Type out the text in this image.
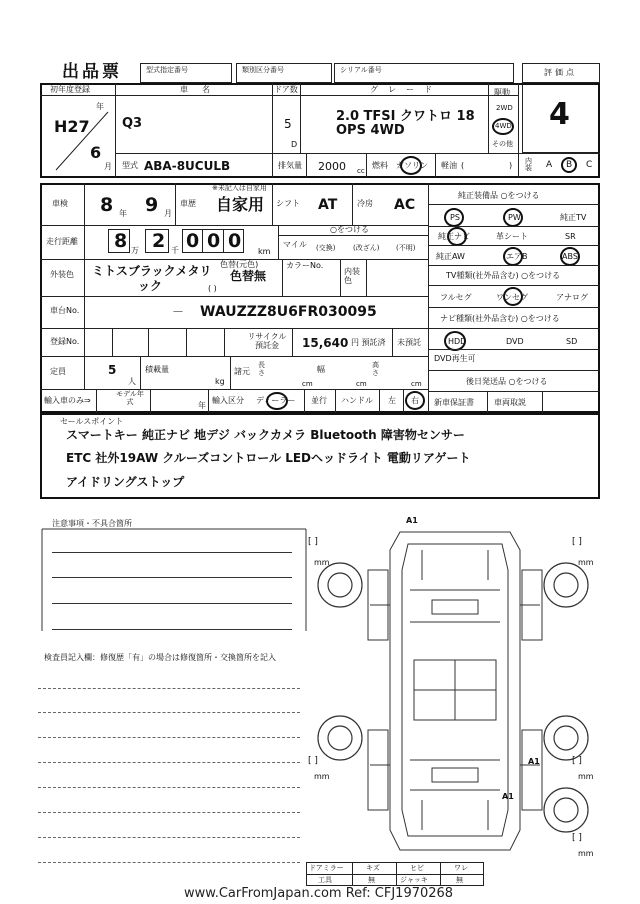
出品票	型式指定番号	類別区分番号	シリアル番号	評価点
4
初年度登録
年
H27
6
月
車名
Q3
ドア数
5
D
グレード
2.0 TFSI クワトロ 18
OPS 4WD
駆動
2WD
4WD
その他
型式 ABA-8UCULB	排気量 2000 cc
燃料 ガソリン 軽油 (	) 内装	A B C
車検 8 年 9 月
※未記入は自家用
車歴 自家用 シフト AT 冷房 AC
走行距離 8 万 2 千 0 0 0 km
○をつける
マイル (交換)	(改ざん) (不明)
外装色 ミトスブラックメタリ
ック
色替(元色)
色替無
( )
カラーNo.
内装色
車台No.	－ WAUZZZ8U6FR030095
登録No.
リサイクル預託金	15,640 円 預託済 未預託
定員	5
人
積載量
kg
諸元
長さ
cm
幅
cm
高さ
cm
輸入車のみ⇒
モデル年式	年
輸入区分 ディーラー 並行 ハンドル 左 右
純正装備品 ○をつける
PS	PW	純正TV
純正ナビ	革シート	SR
純正AW	エアB	ABS
TV種類(社外品含む) ○をつける
フルセグ	ワンセグ	アナログ
ナビ種類(社外品含む) ○をつける
HDD	DVD	SD
DVD再生可
後日発送品 ○をつける
新車保証書	車両取説
セールスポイント
スマートキー 純正ナビ 地デジ バックカメラ Bluetooth 障害物センサー
ETC 社外19AW クルーズコントロール LEDヘッドライト 電動リアゲート
アイドリングストップ
注意事項・不具合箇所
検査員記入欄：修復歴「有」の場合は修復箇所・交換箇所を記入
[ ]
mm
[ ]
mm
[ ]
mm
[ ]
mm
[ ]
mm
A1
A1
A1
ドアミラー	キズ	ヒビ	ワレ
工具	無	ジャッキ	無
www.CarFromJapan.com Ref: CFJ1970268
